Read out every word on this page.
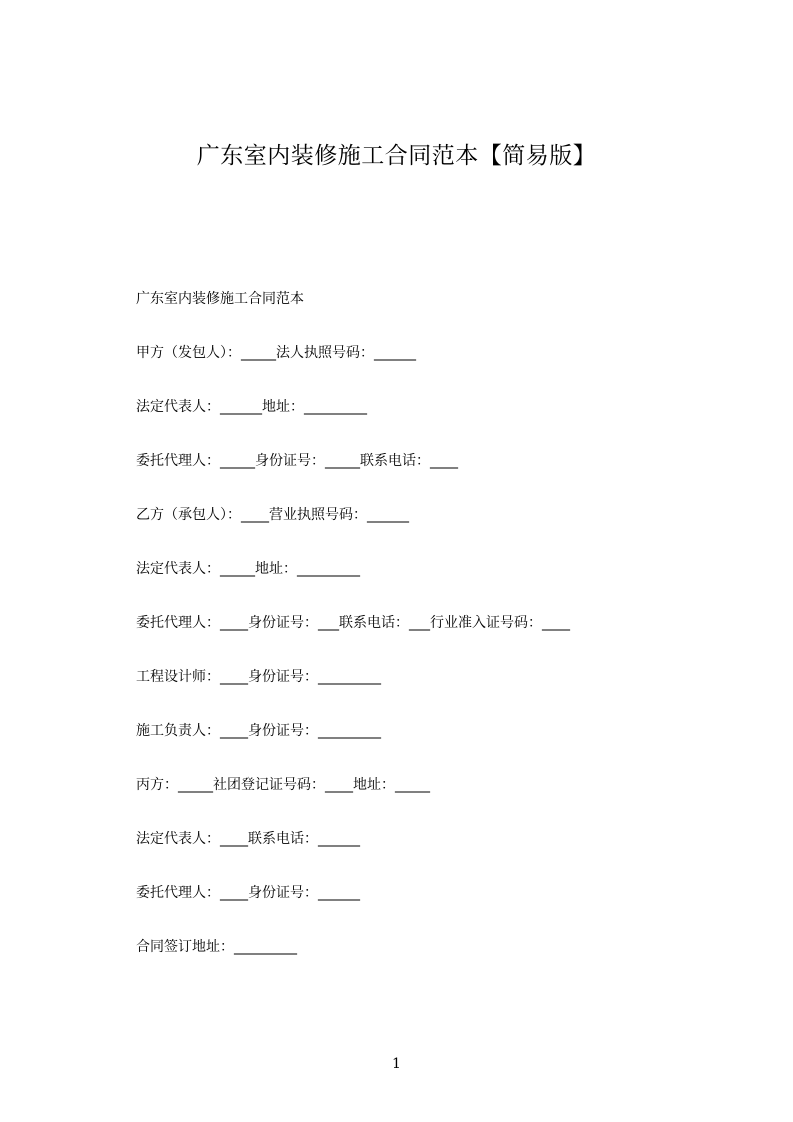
广东室内装修施工合同范本【简易版】
广东室内装修施工合同范本
甲方（发包人）：_____法人执照号码：______
法定代表人：______地址：_________
委托代理人：_____身份证号：_____联系电话：____
乙方（承包人）：____营业执照号码：______
法定代表人：_____地址：_________
委托代理人：____身份证号：___联系电话：___行业准入证号码：____
工程设计师：____身份证号：_________
施工负责人：____身份证号：_________
丙方：_____社团登记证号码：____地址：_____
法定代表人：____联系电话：______
委托代理人：____身份证号：______
合同签订地址：_________
1
